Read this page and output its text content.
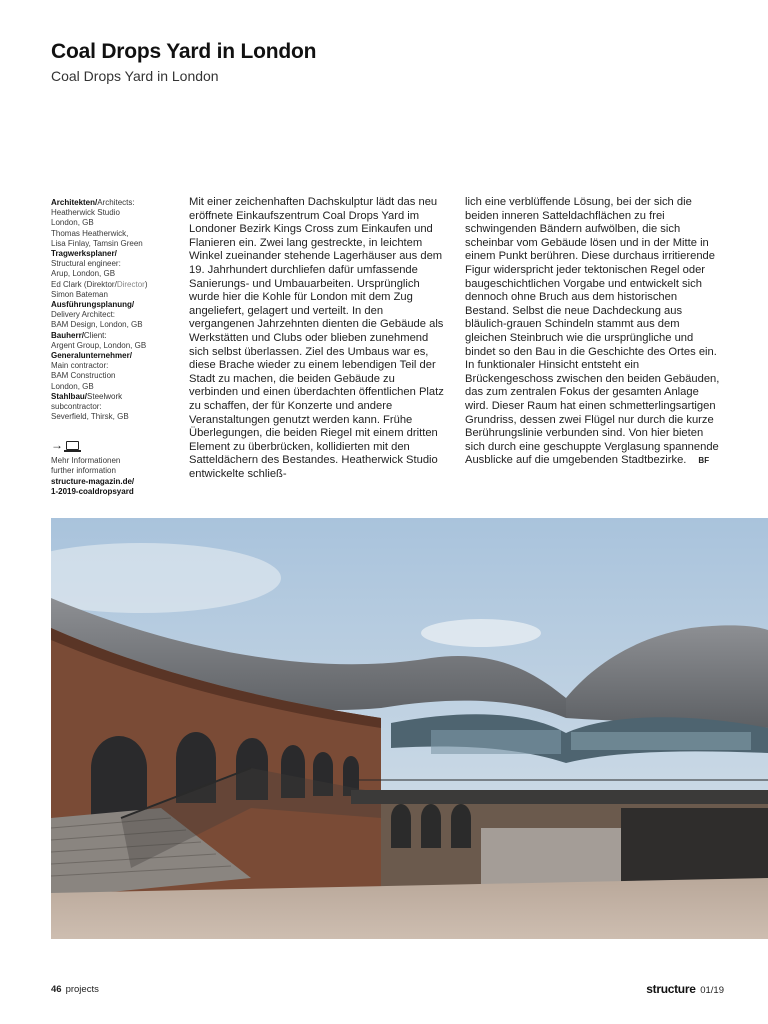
Coal Drops Yard in London
Coal Drops Yard in London
Architekten/Architects:
Heatherwick Studio
London, GB
Thomas Heatherwick,
Lisa Finlay, Tamsin Green
Tragwerksplaner/
Structural engineer:
Arup, London, GB
Ed Clark (Direktor/Director)
Simon Bateman
Ausführungsplanung/
Delivery Architect:
BAM Design, London, GB
Bauherr/Client:
Argent Group, London, GB
Generalunternehmer/
Main contractor:
BAM Construction
London, GB
Stahlbau/Steelwork
subcontractor:
Severfield, Thirsk, GB
→
Mehr Informationen
further information
structure-magazin.de/
1-2019-coaldropsyard

Mit einer zeichenhaften Dachskulptur lädt das neu eröffnete Einkaufszentrum Coal Drops Yard im Londoner Bezirk Kings Cross zum Einkaufen und Flanieren ein. Zwei lang gestreckte, in leichtem Winkel zueinander stehende Lagerhäuser aus dem 19. Jahrhundert durchliefen dafür umfassende Sanierungs- und Umbauarbeiten. Ursprünglich wurde hier die Kohle für London mit dem Zug angeliefert, gelagert und verteilt. In den vergangenen Jahrzehnten dienten die Gebäude als Werkstätten und Clubs oder blieben zunehmend sich selbst überlassen. Ziel des Umbaus war es, diese Brache wieder zu einem lebendigen Teil der Stadt zu machen, die beiden Gebäude zu verbinden und einen überdachten öffentlichen Platz zu schaffen, der für Konzerte und andere Veranstaltungen genutzt werden kann. Frühe Überlegungen, die beiden Riegel mit einem dritten Element zu überbrücken, kollidierten mit den Satteldächern des Bestandes. Heatherwick Studio entwickelte schließ-

lich eine verblüffende Lösung, bei der sich die beiden inneren Satteldachflächen zu frei schwingenden Bändern aufwölben, die sich scheinbar vom Gebäude lösen und in der Mitte in einem Punkt berühren. Diese durchaus irritierende Figur widerspricht jeder tektonischen Regel oder baugeschichtlichen Vorgabe und entwickelt sich dennoch ohne Bruch aus dem historischen Bestand. Selbst die neue Dachdeckung aus bläulich-grauen Schindeln stammt aus dem gleichen Steinbruch wie die ursprüngliche und bindet so den Bau in die Geschichte des Ortes ein.

In funktionaler Hinsicht entsteht ein Brückengeschoss zwischen den beiden Gebäuden, das zum zentralen Fokus der gesamten Anlage wird. Dieser Raum hat einen schmetterlingsartigen Grundriss, dessen zwei Flügel nur durch die kurze Berührungslinie verbunden sind. Von hier bieten sich durch eine geschuppte Verglasung spannende Ausblicke auf die umgebenden Stadtbezirke. BF

46 projects	structure 01/19
